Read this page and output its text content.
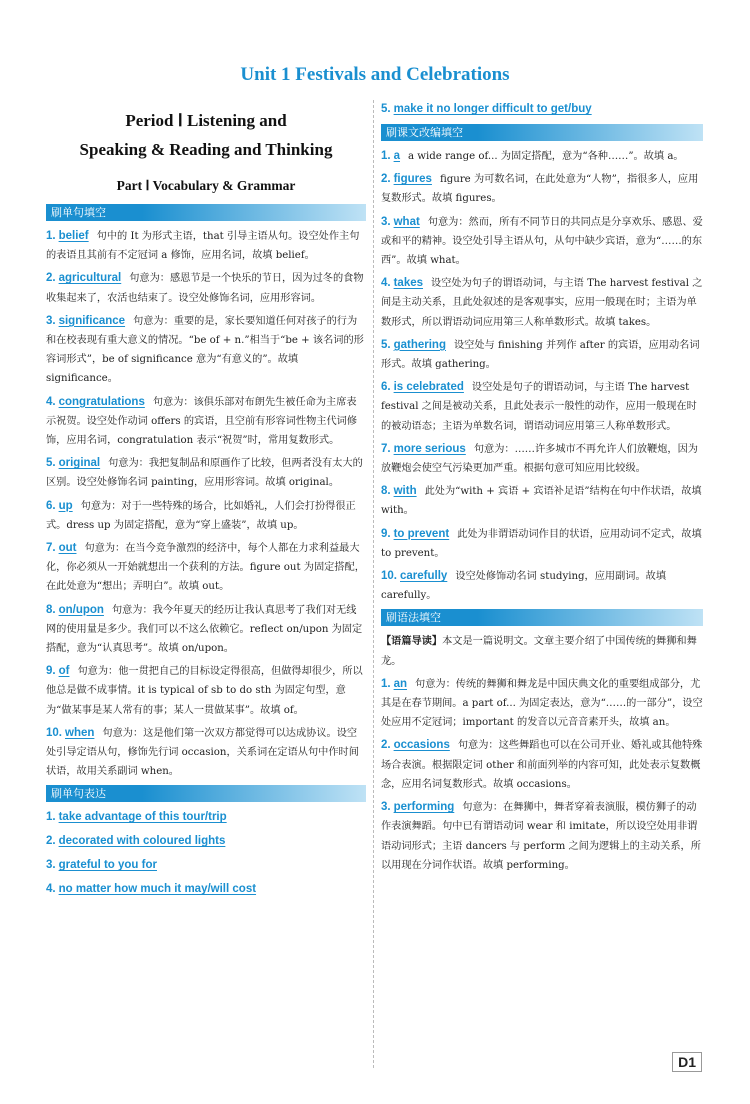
Unit 1 Festivals and Celebrations
Period Ⅰ Listening and
Speaking & Reading and Thinking
Part Ⅰ Vocabulary & Grammar
刷单句填空
1. belief 句中的 It 为形式主语，that 引导主语从句。设空处作主句的表语且其前有不定冠词 a 修饰，应用名词，故填 belief。
2. agricultural 句意为：感恩节是一个快乐的节日，因为过冬的食物收集起来了，农活也结束了。设空处修饰名词，应用形容词。
3. significance 句意为：重要的是，家长要知道任何对孩子的行为和在校表现有重大意义的情况。“be of + n.”相当于“be + 该名词的形容词形式”，be of significance 意为“有意义的”。故填 significance。
4. congratulations 句意为：该俱乐部对布朗先生被任命为主席表示祝贺。设空处作动词 offers 的宾语，且空前有形容词性物主代词修饰，应用名词，congratulation 表示“祝贺”时，常用复数形式。
5. original 句意为：我把复制品和原画作了比较，但两者没有太大的区别。设空处修饰名词 painting，应用形容词。故填 original。
6. up 句意为：对于一些特殊的场合，比如婚礼，人们会打扮得很正式。dress up 为固定搭配，意为“穿上盛装”，故填 up。
7. out 句意为：在当今竞争激烈的经济中，每个人都在力求利益最大化，你必须从一开始就想出一个获利的方法。figure out 为固定搭配，在此处意为“想出；弄明白”。故填 out。
8. on/upon 句意为：我今年夏天的经历让我认真思考了我们对无线网的使用量是多少。我们可以不这么依赖它。reflect on/upon 为固定搭配，意为“认真思考”。故填 on/upon。
9. of 句意为：他一贯把自己的目标设定得很高，但做得却很少，所以他总是做不成事情。it is typical of sb to do sth 为固定句型，意为“做某事是某人常有的事；某人一贯做某事”。故填 of。
10. when 句意为：这是他们第一次双方都觉得可以达成协议。设空处引导定语从句，修饰先行词 occasion，关系词在定语从句中作时间状语，故用关系副词 when。
刷单句表达
1. take advantage of this tour/trip
2. decorated with coloured lights
3. grateful to you for
4. no matter how much it may/will cost
5. make it no longer difficult to get/buy
刷课文改编填空
1. a a wide range of... 为固定搭配，意为“各种……”。故填 a。
2. figures figure 为可数名词，在此处意为“人物”，指很多人，应用复数形式。故填 figures。
3. what 句意为：然而，所有不同节日的共同点是分享欢乐、感恩、爱或和平的精神。设空处引导主语从句，从句中缺少宾语，意为“……的东西”。故填 what。
4. takes 设空处为句子的谓语动词，与主语 The harvest festival 之间是主动关系，且此处叙述的是客观事实，应用一般现在时；主语为单数形式，所以谓语动词应用第三人称单数形式。故填 takes。
5. gathering 设空处与 finishing 并列作 after 的宾语，应用动名词形式。故填 gathering。
6. is celebrated 设空处是句子的谓语动词，与主语 The harvest festival 之间是被动关系，且此处表示一般性的动作，应用一般现在时的被动语态；主语为单数名词，谓语动词应用第三人称单数形式。
7. more serious 句意为：……许多城市不再允许人们放鞭炮，因为放鞭炮会使空气污染更加严重。根据句意可知应用比较级。
8. with 此处为“with + 宾语 + 宾语补足语”结构在句中作状语，故填 with。
9. to prevent 此处为非谓语动词作目的状语，应用动词不定式，故填 to prevent。
10. carefully 设空处修饰动名词 studying，应用副词。故填 carefully。
刷语法填空
【语篇导读】本文是一篇说明文。文章主要介绍了中国传统的舞狮和舞龙。
1. an 句意为：传统的舞狮和舞龙是中国庆典文化的重要组成部分，尤其是在春节期间。a part of... 为固定表达，意为“……的一部分”，设空处应用不定冠词；important 的发音以元音音素开头，故填 an。
2. occasions 句意为：这些舞蹈也可以在公司开业、婚礼或其他特殊场合表演。根据限定词 other 和前面列举的内容可知，此处表示复数概念，应用名词复数形式。故填 occasions。
3. performing 句意为：在舞狮中，舞者穿着表演服，模仿狮子的动作表演舞蹈。句中已有谓语动词 wear 和 imitate，所以设空处用非谓语动词形式；主语 dancers 与 perform 之间为逻辑上的主动关系，所以用现在分词作状语。故填 performing。
D1
